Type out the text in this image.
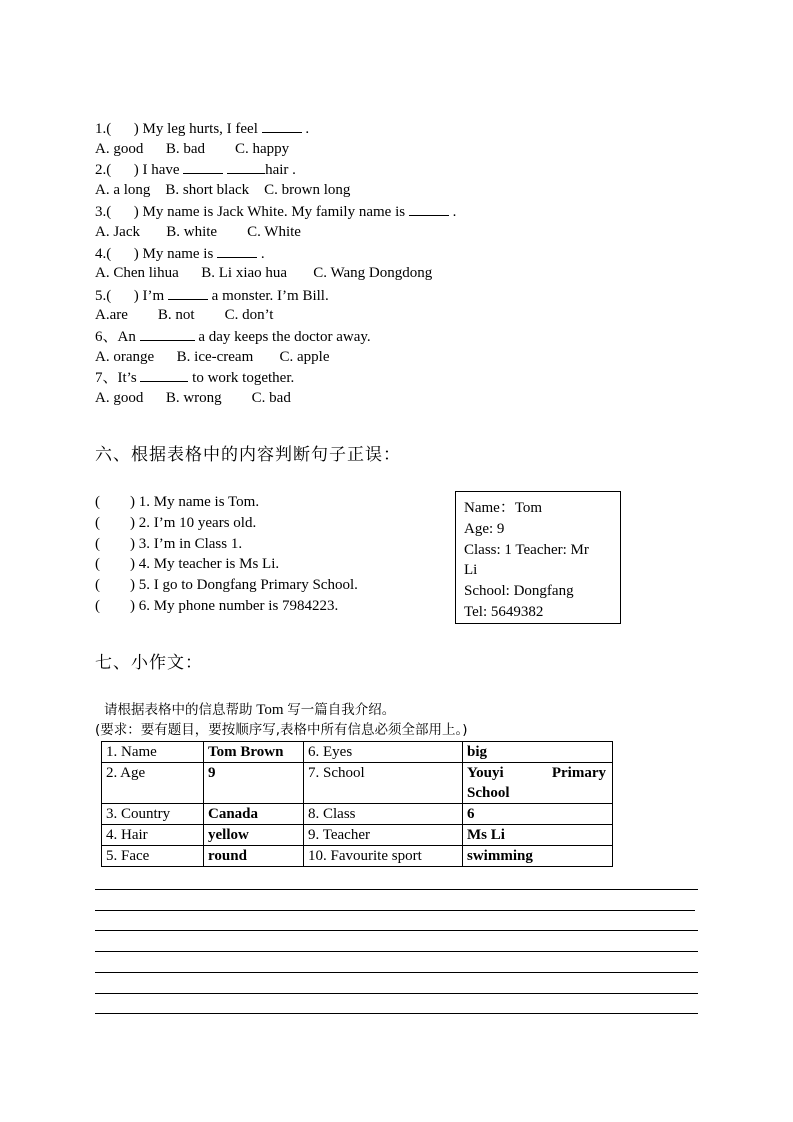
1.(      ) My leg hurts, I feel	.
A. good      B. bad        C. happy
2.(      ) I have	hair .
A. a long    B. short black    C. brown long
3.(      ) My name is Jack White. My family name is	.
A. Jack       B. white        C. White
4.(      ) My name is	.
A. Chen lihua      B. Li xiao hua       C. Wang Dongdong
5.(      ) I’m	a monster. I’m Bill.
A.are        B. not        C. don’t
6、An	a day keeps the doctor away.
A. orange      B. ice-cream       C. apple
7、It’s	to work together.
A. good      B. wrong        C. bad
六、根据表格中的内容判断句子正误：
(        ) 1. My name is Tom.
(        ) 2. I’m 10 years old.
(        ) 3. I’m in Class 1.
(        ) 4. My teacher is Ms Li.
(        ) 5. I go to Dongfang Primary School.
(        ) 6. My phone number is 7984223.
Name：Tom
Age: 9
Class: 1 Teacher: Mr
Li
School: Dongfang
Tel: 5649382
七、小作文：
请根据表格中的信息帮助 Tom 写一篇自我介绍。
(要求：要有题目，要按顺序写,表格中所有信息必须全部用上。)
1. Name	Tom Brown	6. Eyes	big
2. Age	9	7. School	Youyi Primary School
3. Country	Canada	8. Class	6
4. Hair	yellow	9. Teacher	Ms Li
5. Face	round	10. Favourite sport	swimming
